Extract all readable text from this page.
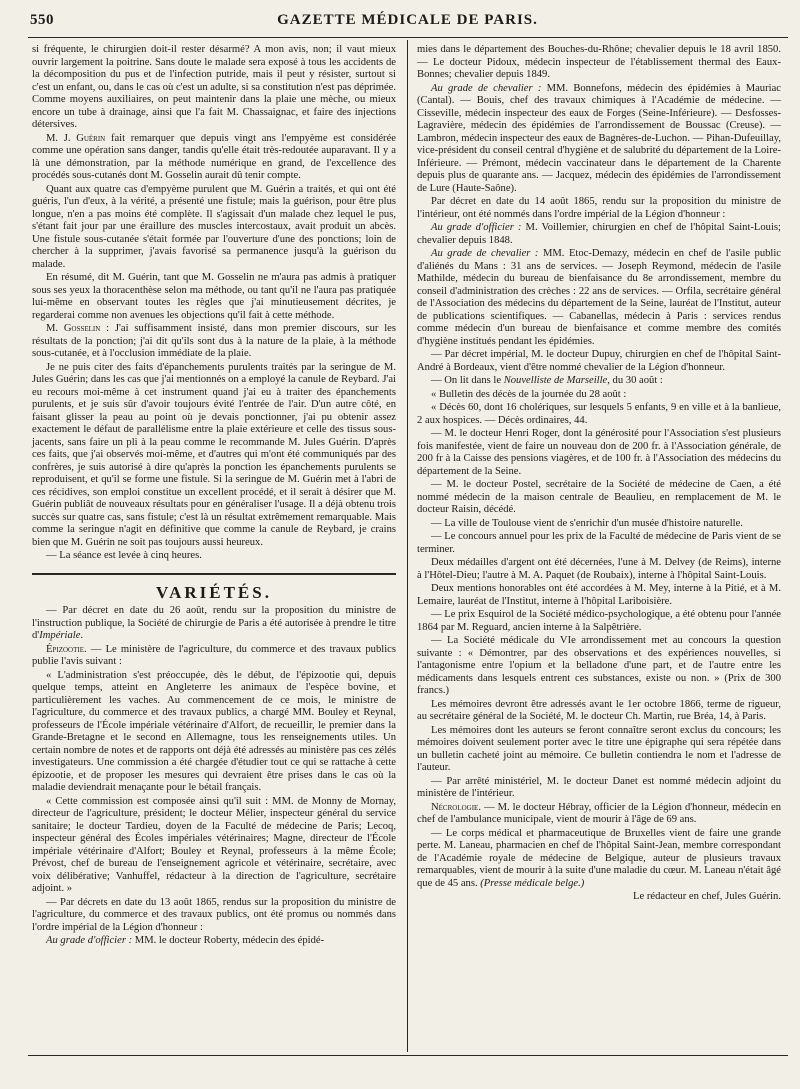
550	GAZETTE MÉDICALE DE PARIS.

si fréquente, le chirurgien doit-il rester désarmé? A mon avis, non; il vaut mieux ouvrir largement la poitrine. Sans doute le malade sera exposé à tous les accidents de la décomposition du pus et de l'infection putride, mais il peut y résister, surtout si c'est un enfant, ou, dans le cas où c'est un adulte, si sa constitution n'est pas déprimée. Comme moyens auxiliaires, on peut maintenir dans la plaie une mèche, ou mieux encore un tube à drainage, ainsi que l'a fait M. Chassaignac, et faire des injections détersives.

M. J. Guérin fait remarquer que depuis vingt ans l'empyème est considérée comme une opération sans danger, tandis qu'elle était très-redoutée auparavant. Il y a là une démonstration, par la méthode numérique en grand, de l'excellence des procédés sous-cutanés dont M. Gosselin aurait dû tenir compte.

Quant aux quatre cas d'empyème purulent que M. Guérin a traités, et qui ont été guéris, l'un d'eux, à la vérité, a présenté une fistule; mais la guérison, pour être plus longue, n'en a pas moins été complète. Il s'agissait d'un malade chez lequel le pus, s'étant fait jour par une éraillure des muscles intercostaux, avait produit un abcès. Une fistule sous-cutanée s'était formée par l'ouverture d'une des ponctions; loin de chercher à la supprimer, j'avais favorisé sa permanence jusqu'à la guérison du malade.

En résumé, dit M. Guérin, tant que M. Gosselin ne m'aura pas admis à pratiquer sous ses yeux la thoracenthèse selon ma méthode, ou tant qu'il ne l'aura pas pratiquée lui-même en observant toutes les règles que j'ai minutieusement décrites, je regarderai comme non avenues les objections qu'il fait à cette méthode.

M. Gosselin : J'ai suffisamment insisté, dans mon premier discours, sur les résultats de la ponction; j'ai dit qu'ils sont dus à la nature de la plaie, à la méthode sous-cutanée, et à l'occlusion immédiate de la plaie.

Je ne puis citer des faits d'épanchements purulents traités par la seringue de M. Jules Guérin; dans les cas que j'ai mentionnés on a employé la canule de Reybard. J'ai eu recours moi-même à cet instrument quand j'ai eu à traiter des épanchements purulents, et je suis sûr d'avoir toujours évité l'entrée de l'air. D'un autre côté, en faisant glisser la peau au point où je devais ponctionner, j'ai pu obtenir assez exactement le défaut de parallélisme entre la plaie extérieure et celle des tissus sous-jacents, sans faire un pli à la peau comme le recommande M. Jules Guérin. D'après ces faits, que j'ai observés moi-même, et d'autres qui m'ont été communiqués par des confrères, je suis autorisé à dire qu'après la ponction les épanchements purulents se reproduisent, et qu'il se forme une fistule. Si la seringue de M. Guérin met à l'abri de ces récidives, son emploi constitue un excellent procédé, et il serait à désirer que M. Guérin publiât de nouveaux résultats pour en généraliser l'usage. Il a déjà obtenu trois succès sur quatre cas, sans fistule; c'est là un résultat extrêmement remarquable. Mais comme la seringue n'agit en définitive que comme la canule de Reybard, je crains bien que M. Guérin ne soit pas toujours aussi heureux.

— La séance est levée à cinq heures.

VARIÉTÉS.

— Par décret en date du 26 août, rendu sur la proposition du ministre de l'instruction publique, la Société de chirurgie de Paris a été autorisée à prendre le titre d'Impériale.

Épizootie. — Le ministère de l'agriculture, du commerce et des travaux publics publie l'avis suivant :

« L'administration s'est préoccupée, dès le début, de l'épizootie qui, depuis quelque temps, atteint en Angleterre les animaux de l'espèce bovine, et particulièrement les vaches. Au commencement de ce mois, le ministre de l'agriculture, du commerce et des travaux publics, a chargé MM. Bouley et Reynal, professeurs de l'École impériale vétérinaire d'Alfort, de recueillir, le premier dans la Grande-Bretagne et le second en Allemagne, tous les renseignements utiles. Un certain nombre de notes et de rapports ont déjà été adressés au ministère pas ces zélés investigateurs. Une commission a été chargée d'étudier tout ce qui se rattache à cette épizootie, et de proposer les mesures qui devraient être prises dans le cas où la maladie deviendrait menaçante pour le bétail français.

« Cette commission est composée ainsi qu'il suit : MM. de Monny de Mornay, directeur de l'agriculture, président; le docteur Mélier, inspecteur général du service sanitaire; le docteur Tardieu, doyen de la Faculté de médecine de Paris; Lecoq, inspecteur général des Écoles impériales vétérinaires; Magne, directeur de l'École impériale vétérinaire d'Alfort; Bouley et Reynal, professeurs à la même École; Prévost, chef de bureau de l'enseignement agricole et vétérinaire, secrétaire, avec voix délibérative; Vanhuffel, rédacteur à la direction de l'agriculture, secrétaire adjoint. »

— Par décrets en date du 13 août 1865, rendus sur la proposition du ministre de l'agriculture, du commerce et des travaux publics, ont été promus ou nommés dans l'ordre impérial de la Légion d'honneur :

Au grade d'officier : MM. le docteur Roberty, médecin des épidé-

mies dans le département des Bouches-du-Rhône; chevalier depuis le 18 avril 1850. — Le docteur Pidoux, médecin inspecteur de l'établissement thermal des Eaux-Bonnes; chevalier depuis 1849.

Au grade de chevalier : MM. Bonnefons, médecin des épidémies à Mauriac (Cantal). — Bouis, chef des travaux chimiques à l'Académie de médecine. — Cisseville, médecin inspecteur des eaux de Forges (Seine-Inférieure). — Desfosses-Lagravière, médecin des épidémies de l'arrondissement de Boussac (Creuse). — Lambron, médecin inspecteur des eaux de Bagnères-de-Luchon. — Pihan-Dufeuillay, vice-président du conseil central d'hygiène et de salubrité du département de la Loire-Inférieure. — Prémont, médecin vaccinateur dans le département de la Charente depuis plus de quarante ans. — Jacquez, médecin des épidémies de l'arrondissement de Lure (Haute-Saône).

Par décret en date du 14 août 1865, rendu sur la proposition du ministre de l'intérieur, ont été nommés dans l'ordre impérial de la Légion d'honneur :

Au grade d'officier : M. Voillemier, chirurgien en chef de l'hôpital Saint-Louis; chevalier depuis 1848.

Au grade de chevalier : MM. Etoc-Demazy, médecin en chef de l'asile public d'aliénés du Mans : 31 ans de services. — Joseph Reymond, médecin de l'asile Mathilde, médecin du bureau de bienfaisance du 8e arrondissement, membre du conseil d'administration des crèches : 22 ans de services. — Orfila, secrétaire général de l'Association des médecins du département de la Seine, lauréat de l'Institut, auteur de publications scientifiques. — Cabanellas, médecin à Paris : services rendus comme médecin d'un bureau de bienfaisance et comme membre des comités d'hygiène institués pendant les épidémies.

— Par décret impérial, M. le docteur Dupuy, chirurgien en chef de l'hôpital Saint-André à Bordeaux, vient d'être nommé chevalier de la Légion d'honneur.

— On lit dans le Nouvelliste de Marseille, du 30 août :

« Bulletin des décès de la journée du 28 août :

« Décès 60, dont 16 cholériques, sur lesquels 5 enfants, 9 en ville et à la banlieue, 2 aux hospices. — Décès ordinaires, 44.

— M. le docteur Henri Roger, dont la générosité pour l'Association s'est plusieurs fois manifestée, vient de faire un nouveau don de 200 fr. à l'Association générale, de 200 fr à la Caisse des pensions viagères, et de 100 fr. à l'Association des médecins du département de la Seine.

— M. le docteur Postel, secrétaire de la Société de médecine de Caen, a été nommé médecin de la maison centrale de Beaulieu, en remplacement de M. le docteur Raisin, décédé.

— La ville de Toulouse vient de s'enrichir d'un musée d'histoire naturelle.

— Le concours annuel pour les prix de la Faculté de médecine de Paris vient de se terminer.

Deux médailles d'argent ont été décernées, l'une à M. Delvey (de Reims), interne à l'Hôtel-Dieu; l'autre à M. A. Paquet (de Roubaix), interne à l'hôpital Saint-Louis.

Deux mentions honorables ont été accordées à M. Mey, interne à la Pitié, et à M. Lemaire, lauréat de l'Institut, interne à l'hôpital Lariboisière.

— Le prix Esquirol de la Société médico-psychologique, a été obtenu pour l'année 1864 par M. Reguard, ancien interne à la Salpêtrière.

— La Société médicale du VIe arrondissement met au concours la question suivante : « Démontrer, par des observations et des expériences nouvelles, si l'antagonisme entre l'opium et la belladone d'une part, et de l'autre entre les médicaments dans lesquels entrent ces substances, existe ou non. » (Prix de 300 francs.)

Les mémoires devront être adressés avant le 1er octobre 1866, terme de rigueur, au secrétaire général de la Société, M. le docteur Ch. Martin, rue Bréa, 14, à Paris.

Les mémoires dont les auteurs se feront connaître seront exclus du concours; les mémoires doivent seulement porter avec le titre une épigraphe qui sera répétée dans un bulletin cacheté joint au mémoire. Ce bulletin contiendra le nom et l'adresse de l'auteur.

— Par arrêté ministériel, M. le docteur Danet est nommé médecin adjoint du ministère de l'intérieur.

Nécrologie. — M. le docteur Hébray, officier de la Légion d'honneur, médecin en chef de l'ambulance municipale, vient de mourir à l'âge de 69 ans.

— Le corps médical et pharmaceutique de Bruxelles vient de faire une grande perte. M. Laneau, pharmacien en chef de l'hôpital Saint-Jean, membre correspondant de l'Académie royale de médecine de Belgique, auteur de plusieurs travaux remarquables, vient de mourir à la suite d'une maladie du cœur. M. Laneau n'était âgé que de 45 ans. (Presse médicale belge.)

Le rédacteur en chef, Jules Guérin.
